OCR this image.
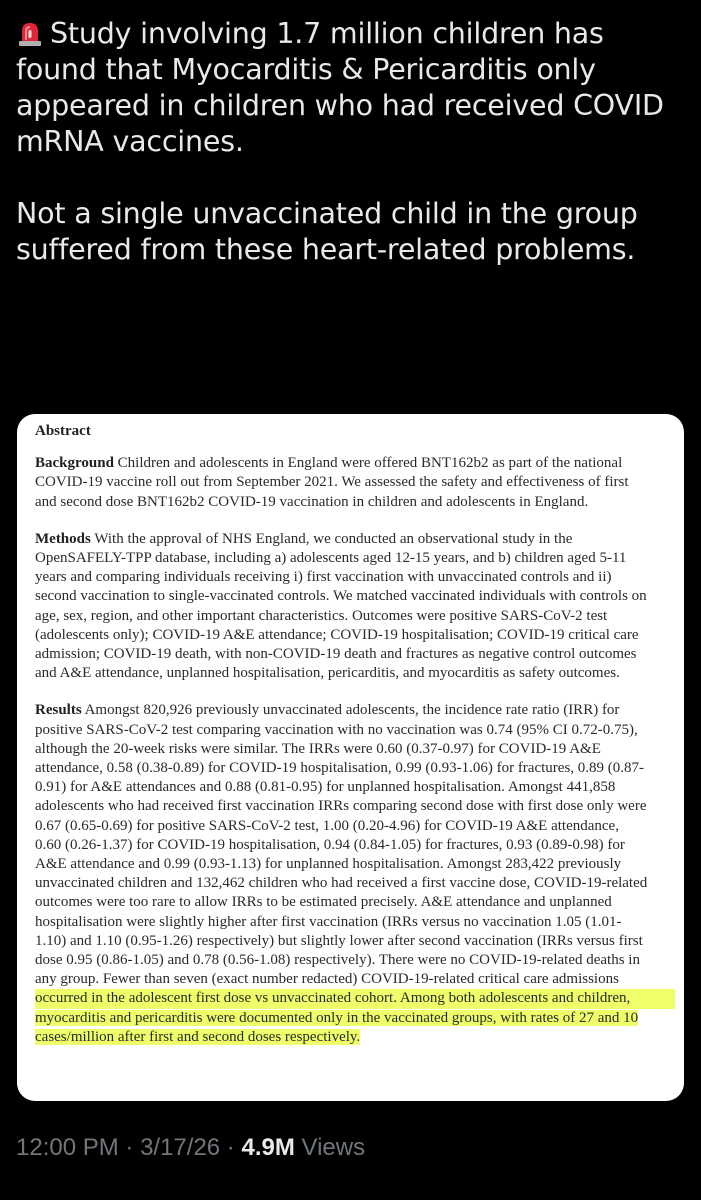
Study involving 1.7 million children has found that Myocarditis & Pericarditis only appeared in children who had received COVID mRNA vaccines.

Not a single unvaccinated child in the group suffered from these heart-related problems.

Abstract
Background Children and adolescents in England were offered BNT162b2 as part of the national
COVID-19 vaccine roll out from September 2021. We assessed the safety and effectiveness of first
and second dose BNT162b2 COVID-19 vaccination in children and adolescents in England.
Methods With the approval of NHS England, we conducted an observational study in the
OpenSAFELY-TPP database, including a) adolescents aged 12-15 years, and b) children aged 5-11
years and comparing individuals receiving i) first vaccination with unvaccinated controls and ii)
second vaccination to single-vaccinated controls. We matched vaccinated individuals with controls on
age, sex, region, and other important characteristics. Outcomes were positive SARS-CoV-2 test
(adolescents only); COVID-19 A&E attendance; COVID-19 hospitalisation; COVID-19 critical care
admission; COVID-19 death, with non-COVID-19 death and fractures as negative control outcomes
and A&E attendance, unplanned hospitalisation, pericarditis, and myocarditis as safety outcomes.
Results Amongst 820,926 previously unvaccinated adolescents, the incidence rate ratio (IRR) for
positive SARS-CoV-2 test comparing vaccination with no vaccination was 0.74 (95% CI 0.72-0.75),
although the 20-week risks were similar. The IRRs were 0.60 (0.37-0.97) for COVID-19 A&E
attendance, 0.58 (0.38-0.89) for COVID-19 hospitalisation, 0.99 (0.93-1.06) for fractures, 0.89 (0.87-
0.91) for A&E attendances and 0.88 (0.81-0.95) for unplanned hospitalisation. Amongst 441,858
adolescents who had received first vaccination IRRs comparing second dose with first dose only were
0.67 (0.65-0.69) for positive SARS-CoV-2 test, 1.00 (0.20-4.96) for COVID-19 A&E attendance,
0.60 (0.26-1.37) for COVID-19 hospitalisation, 0.94 (0.84-1.05) for fractures, 0.93 (0.89-0.98) for
A&E attendance and 0.99 (0.93-1.13) for unplanned hospitalisation. Amongst 283,422 previously
unvaccinated children and 132,462 children who had received a first vaccine dose, COVID-19-related
outcomes were too rare to allow IRRs to be estimated precisely. A&E attendance and unplanned
hospitalisation were slightly higher after first vaccination (IRRs versus no vaccination 1.05 (1.01-
1.10) and 1.10 (0.95-1.26) respectively) but slightly lower after second vaccination (IRRs versus first
dose 0.95 (0.86-1.05) and 0.78 (0.56-1.08) respectively). There were no COVID-19-related deaths in
any group. Fewer than seven (exact number redacted) COVID-19-related critical care admissions
occurred in the adolescent first dose vs unvaccinated cohort. Among both adolescents and children,
myocarditis and pericarditis were documented only in the vaccinated groups, with rates of 27 and 10
cases/million after first and second doses respectively.
12:00 PM · 3/17/26 · 4.9M Views
